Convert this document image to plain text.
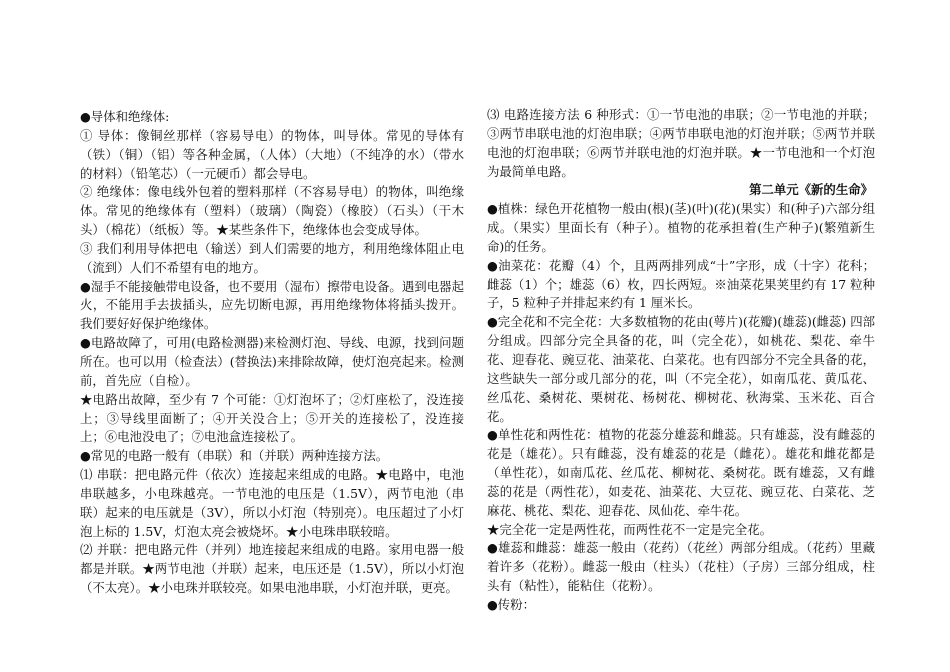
●导体和绝缘体:

① 导体：像铜丝那样（容易导电）的物体，叫导体。常见的导体有（铁）（铜）（铝）等各种金属，（人体）（大地）（不纯净的水）（带水的材料）（铅笔芯）（一元硬币）都会导电。

② 绝缘体：像电线外包着的塑料那样（不容易导电）的物体，叫绝缘体。常见的绝缘体有（塑料）（玻璃）（陶瓷）（橡胶）（石头）（干木头）（棉花）（纸板）等。★某些条件下，绝缘体也会变成导体。

③ 我们利用导体把电（输送）到人们需要的地方，利用绝缘体阻止电（流到）人们不希望有电的地方。

●湿手不能接触带电设备，也不要用（湿布）擦带电设备。遇到电器起火，不能用手去拔插头，应先切断电源，再用绝缘物体将插头拨开。我们要好好保护绝缘体。

●电路故障了，可用(电路检测器)来检测灯泡、导线、电源，找到问题所在。也可以用（检查法）(替换法)来排除故障，使灯泡亮起来。检测前，首先应（自检）。

★电路出故障，至少有 7 个可能：①灯泡坏了；②灯座松了，没连接上；③导线里面断了；④开关没合上；⑤开关的连接松了，没连接上；⑥电池没电了；⑦电池盒连接松了。

●常见的电路一般有（串联）和（并联）两种连接方法。

⑴ 串联：把电路元件（依次）连接起来组成的电路。★电路中，电池串联越多，小电珠越亮。一节电池的电压是（1.5V），两节电池（串联）起来的电压就是（3V），所以小灯泡（特别亮）。电压超过了小灯泡上标的 1.5V，灯泡太亮会被烧坏。★小电珠串联较暗。

⑵ 并联：把电路元件（并列）地连接起来组成的电路。家用电器一般都是并联。★两节电池（并联）起来，电压还是（1.5V），所以小灯泡（不太亮）。★小电珠并联较亮。如果电池串联，小灯泡并联，更亮。

⑶ 电路连接方法 6 种形式：①一节电池的串联；②一节电池的并联；③两节串联电池的灯泡串联；④两节串联电池的灯泡并联；⑤两节并联电池的灯泡串联；⑥两节并联电池的灯泡并联。★一节电池和一个灯泡为最简单电路。

第二单元《新的生命》

●植株：绿色开花植物一般由(根)(茎)(叶)(花)(果实）和(种子)六部分组成。（果实）里面长有（种子）。植物的花承担着(生产种子)(繁殖新生命)的任务。

●油菜花：花瓣（4）个，且两两排列成“十”字形，成（十字）花科；雌蕊（1）个；雄蕊（6）枚，四长两短。※油菜花果荚里约有 17 粒种子，5 粒种子并排起来约有 1 厘米长。

●完全花和不完全花：大多数植物的花由(萼片)(花瓣)(雄蕊)(雌蕊) 四部分组成。四部分完全具备的花，叫（完全花），如桃花、梨花、牵牛花、迎春花、豌豆花、油菜花、白菜花。也有四部分不完全具备的花，这些缺失一部分或几部分的花，叫（不完全花），如南瓜花、黄瓜花、丝瓜花、桑树花、栗树花、杨树花、柳树花、秋海棠、玉米花、百合花。

●单性花和两性花：植物的花蕊分雄蕊和雌蕊。只有雄蕊，没有雌蕊的花是（雄花）。只有雌蕊，没有雄蕊的花是（雌花）。雄花和雌花都是（单性花），如南瓜花、丝瓜花、柳树花、桑树花。既有雄蕊，又有雌蕊的花是（两性花），如麦花、油菜花、大豆花、豌豆花、白菜花、芝麻花、桃花、梨花、迎春花、凤仙花、牵牛花。

★完全花一定是两性花，而两性花不一定是完全花。

●雄蕊和雌蕊：雄蕊一般由（花药）（花丝）两部分组成。（花药）里藏着许多（花粉）。雌蕊一般由（柱头）（花柱）（子房）三部分组成，柱头有（粘性），能粘住（花粉）。

●传粉：
